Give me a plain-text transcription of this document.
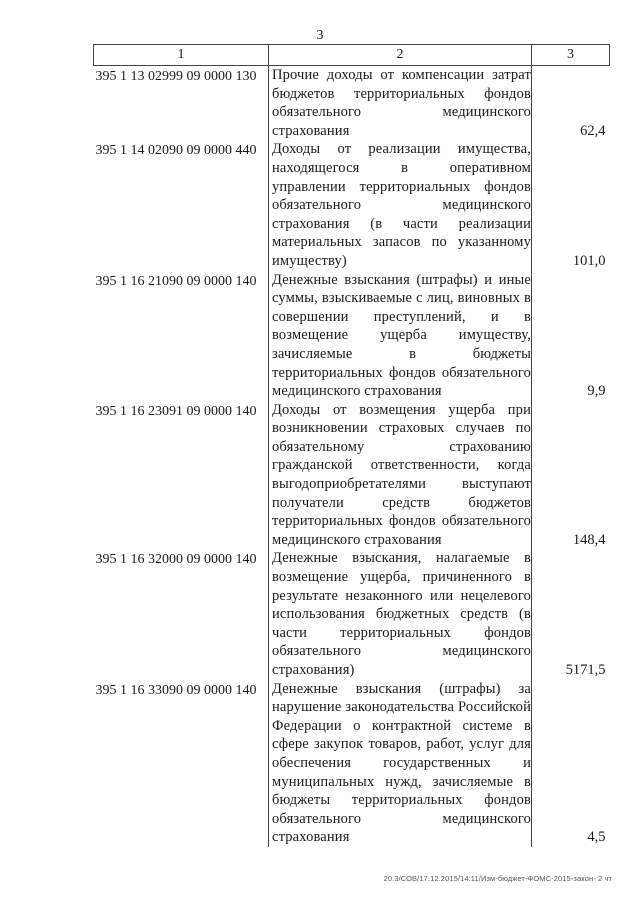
3
1	2	3
395 1 13 02999 09 0000 130	Прочие доходы от компенсации затрат бюджетов территориальных фондов обязательного медицинского страхования	62,4
395 1 14 02090 09 0000 440	Доходы от реализации имущества, находящегося в оперативном управлении территориальных фондов обязательного медицинского страхования (в части реализации материальных запасов по указанному имуществу)	101,0
395 1 16 21090 09 0000 140	Денежные взыскания (штрафы) и иные суммы, взыскиваемые с лиц, виновных в совершении преступлений, и в возмещение ущерба имуществу, зачисляемые в бюджеты территориальных фондов обязательного медицинского страхования	9,9
395 1 16 23091 09 0000 140	Доходы от возмещения ущерба при возникновении страховых случаев по обязательному страхованию гражданской ответственности, когда выгодоприобретателями выступают получатели средств бюджетов территориальных фондов обязательного медицинского страхования	148,4
395 1 16 32000 09 0000 140	Денежные взыскания, налагаемые в возмещение ущерба, причиненного в результате незаконного или нецелевого использования бюджетных средств (в части территориальных фондов обязательного медицинского страхования)	5171,5
395 1 16 33090 09 0000 140	Денежные взыскания (штрафы) за нарушение законодательства Российской Федерации о контрактной системе в сфере закупок товаров, работ, услуг для обеспечения государственных и муниципальных нужд, зачисляемые в бюджеты территориальных фондов обязательного медицинского страхования	4,5
20.3/СОВ/17.12.2015/14:11/Изм-бюджет-ФОМС-2015-закон- 2 чт
